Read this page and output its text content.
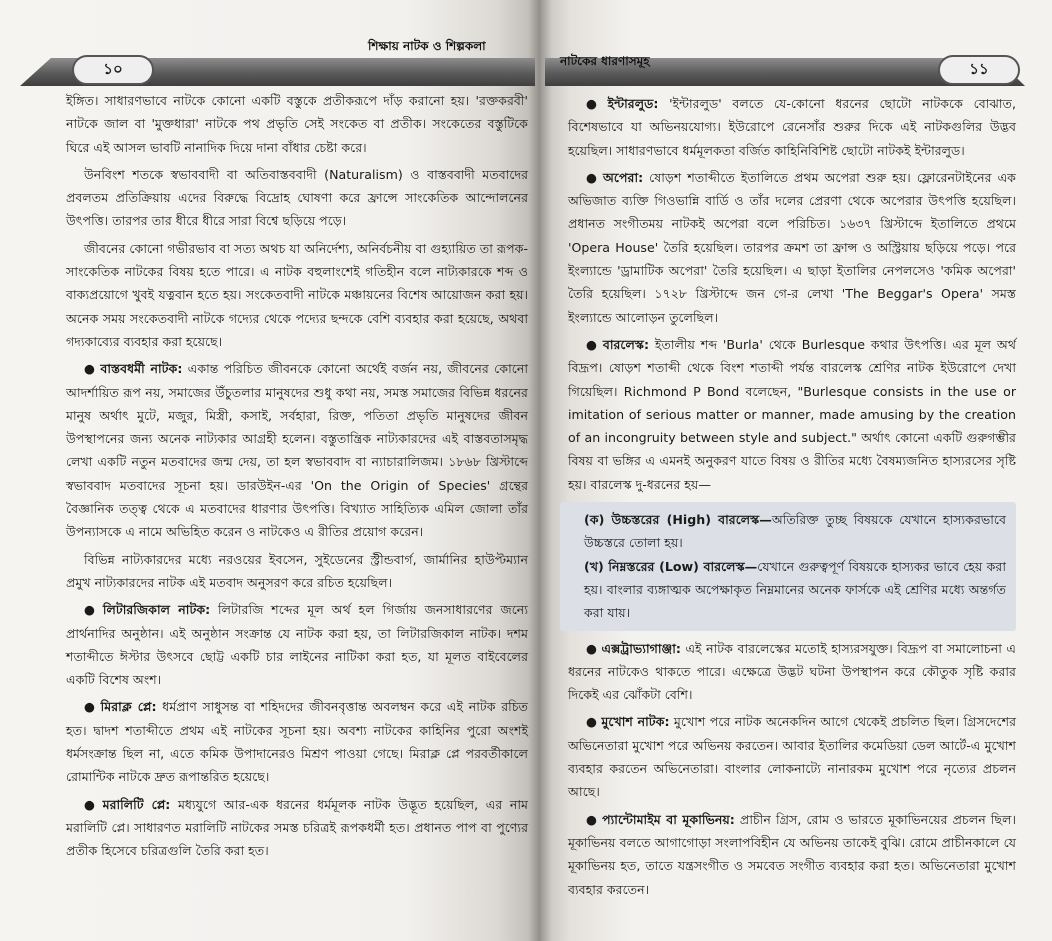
১০	১১
শিক্ষায় নাটক ও শিল্পকলা
নাটকের ধারণাসমূহ

ইঙ্গিত। সাধারণভাবে নাটকে কোনো একটি বস্তুকে প্রতীকরূপে দাঁড় করানো হয়। 'রক্তকরবী' নাটকে জাল বা 'মুক্তধারা' নাটকে পথ প্রভৃতি সেই সংকেত বা প্রতীক। সংকেতের বস্তুটিকে ঘিরে এই আসল ভাবটি নানাদিক দিয়ে দানা বাঁধার চেষ্টা করে।

উনবিংশ শতকে স্বভাববাদী বা অতিবাস্তববাদী (Naturalism) ও বাস্তববাদী মতবাদের প্রবলতম প্রতিক্রিয়ায় এদের বিরুদ্ধে বিদ্রোহ ঘোষণা করে ফ্রান্সে সাংকেতিক আন্দোলনের উৎপত্তি। তারপর তার ধীরে ধীরে সারা বিশ্বে ছড়িয়ে পড়ে।

জীবনের কোনো গভীরভাব বা সত্য অথচ যা অনির্দেশ্য, অনির্বচনীয় বা গুহ্যায়িত তা রূপক-সাংকেতিক নাটকের বিষয় হতে পারে। এ নাটক বহুলাংশেই গতিহীন বলে নাট্যকারকে শব্দ ও বাক্যপ্রয়োগে খুবই যত্নবান হতে হয়। সংকেতবাদী নাটকে মঞ্চায়নের বিশেষ আয়োজন করা হয়। অনেক সময় সংকেতবাদী নাটকে গদ্যের থেকে পদ্যের ছন্দকে বেশি ব্যবহার করা হয়েছে, অথবা গদ্যকাব্যের ব্যবহার করা হয়েছে।

● বাস্তবধর্মী নাটক: একান্ত পরিচিত জীবনকে কোনো অর্থেই বর্জন নয়, জীবনের কোনো আদর্শায়িত রূপ নয়, সমাজের উঁচুতলার মানুষদের শুধু কথা নয়, সমস্ত সমাজের বিভিন্ন ধরনের মানুষ অর্থাৎ মুটে, মজুর, মিস্ত্রী, কসাই, সর্বহারা, রিক্ত, পতিতা প্রভৃতি মানুষদের জীবন উপস্থাপনের জন্য অনেক নাট্যকার আগ্রহী হলেন। বস্তুতান্ত্রিক নাট্যকারদের এই বাস্তবতাসমৃদ্ধ লেখা একটি নতুন মতবাদের জন্ম দেয়, তা হল স্বভাববাদ বা ন্যাচারালিজম। ১৮৬৮ খ্রিস্টাব্দে স্বভাববাদ মতবাদের সূচনা হয়। ডারউইন-এর 'On the Origin of Species' গ্রন্থের বৈজ্ঞানিক তত্ত্ব থেকে এ মতবাদের ধারণার উৎপত্তি। বিখ্যাত সাহিত্যিক এমিল জোলা তাঁর উপন্যাসকে এ নামে অভিহিত করেন ও নাটকেও এ রীতির প্রয়োগ করেন।

বিভিন্ন নাট্যকারদের মধ্যে নরওয়ের ইবসেন, সুইডেনের স্ট্রীন্ডবার্গ, জার্মানির হাউপ্টম্যান প্রমুখ নাট্যকারদের নাটক এই মতবাদ অনুসরণ করে রচিত হয়েছিল।

● লিটারজিকাল নাটক: লিটারজি শব্দের মূল অর্থ হল গির্জায় জনসাধারণের জন্যে প্রার্থনাদির অনুষ্ঠান। এই অনুষ্ঠান সংক্রান্ত যে নাটক করা হয়, তা লিটারজিকাল নাটক। দশম শতাব্দীতে ঈস্টার উৎসবে ছোট্ট একটি চার লাইনের নাটিকা করা হত, যা মূলত বাইবেলের একটি বিশেষ অংশ।

● মিরাক্ল প্লে: ধর্মপ্রাণ সাধুসন্ত বা শহিদদের জীবনবৃত্তান্ত অবলম্বন করে এই নাটক রচিত হত। দ্বাদশ শতাব্দীতে প্রথম এই নাটকের সূচনা হয়। অবশ্য নাটকের কাহিনির পুরো অংশই ধর্মসংক্রান্ত ছিল না, এতে কমিক উপাদানেরও মিশ্রণ পাওয়া গেছে। মিরাক্ল প্লে পরবর্তীকালে রোমান্টিক নাটকে দ্রুত রূপান্তরিত হয়েছে।

● মরালিটি প্লে: মধ্যযুগে আর-এক ধরনের ধর্মমূলক নাটক উদ্ভূত হয়েছিল, এর নাম মরালিটি প্লে। সাধারণত মরালিটি নাটকের সমস্ত চরিত্রই রূপকধর্মী হত। প্রধানত পাপ বা পুণ্যের প্রতীক হিসেবে চরিত্রগুলি তৈরি করা হত।

● ইন্টারলুড: 'ইন্টারলুড' বলতে যে-কোনো ধরনের ছোটো নাটককে বোঝাত, বিশেষভাবে যা অভিনয়যোগ্য। ইউরোপে রেনেসাঁর শুরুর দিকে এই নাটকগুলির উদ্ভব হয়েছিল। সাধারণভাবে ধর্মমূলকতা বর্জিত কাহিনিবিশিষ্ট ছোটো নাটকই ইন্টারলুড।

● অপেরা: ষোড়শ শতাব্দীতে ইতালিতে প্রথম অপেরা শুরু হয়। ফ্লোরেনটাইনের এক অভিজাত ব্যক্তি গিওভান্নি বার্ডি ও তাঁর দলের প্রেরণা থেকে অপেরার উৎপত্তি হয়েছিল। প্রধানত সংগীতময় নাটকই অপেরা বলে পরিচিত। ১৬৩৭ খ্রিস্টাব্দে ইতালিতে প্রথমে 'Opera House' তৈরি হয়েছিল। তারপর ক্রমশ তা ফ্রান্স ও অস্ট্রিয়ায় ছড়িয়ে পড়ে। পরে ইংল্যান্ডে 'ড্রামাটিক অপেরা' তৈরি হয়েছিল। এ ছাড়া ইতালির নেপলসেও 'কমিক অপেরা' তৈরি হয়েছিল। ১৭২৮ খ্রিস্টাব্দে জন গে-র লেখা 'The Beggar's Opera' সমস্ত ইংল্যান্ডে আলোড়ন তুলেছিল।

● বারলেস্ক: ইতালীয় শব্দ 'Burla' থেকে Burlesque কথার উৎপত্তি। এর মূল অর্থ বিদ্রূপ। ষোড়শ শতাব্দী থেকে বিংশ শতাব্দী পর্যন্ত বারলেস্ক শ্রেণির নাটক ইউরোপে দেখা গিয়েছিল। Richmond P Bond বলেছেন, "Burlesque consists in the use or imitation of serious matter or manner, made amusing by the creation of an incongruity between style and subject." অর্থাৎ কোনো একটি গুরুগম্ভীর বিষয় বা ভঙ্গির এ এমনই অনুকরণ যাতে বিষয় ও রীতির মধ্যে বৈষম্যজনিত হাস্যরসের সৃষ্টি হয়। বারলেস্ক দু-ধরনের হয়—

(ক) উচ্চস্তরের (High) বারলেস্ক—অতিরিক্ত তুচ্ছ বিষয়কে যেখানে হাস্যকরভাবে উচ্চস্তরে তোলা হয়।

(খ) নিম্নস্তরের (Low) বারলেস্ক—যেখানে গুরুত্বপূর্ণ বিষয়কে হাস্যকর ভাবে হেয় করা হয়। বাংলার ব্যঙ্গাত্মক অপেক্ষাকৃত নিম্নমানের অনেক ফার্সকে এই শ্রেণির মধ্যে অন্তর্গত করা যায়।

● এক্সট্রাভ্যাগাঞ্জা: এই নাটক বারলেস্কের মতোই হাস্যরসযুক্ত। বিদ্রূপ বা সমালোচনা এ ধরনের নাটকেও থাকতে পারে। এক্ষেত্রে উদ্ভট ঘটনা উপস্থাপন করে কৌতুক সৃষ্টি করার দিকেই এর ঝোঁকটা বেশি।

● মুখোশ নাটক: মুখোশ পরে নাটক অনেকদিন আগে থেকেই প্রচলিত ছিল। গ্রিসদেশের অভিনেতারা মুখোশ পরে অভিনয় করতেন। আবার ইতালির কমেডিয়া ডেল আর্টে-এ মুখোশ ব্যবহার করতেন অভিনেতারা। বাংলার লোকনাট্যে নানারকম মুখোশ পরে নৃত্যের প্রচলন আছে।

● প্যান্টোমাইম বা মূকাভিনয়: প্রাচীন গ্রিস, রোম ও ভারতে মূকাভিনয়ের প্রচলন ছিল। মূকাভিনয় বলতে আগাগোড়া সংলাপবিহীন যে অভিনয় তাকেই বুঝি। রোমে প্রাচীনকালে যে মূকাভিনয় হত, তাতে যন্ত্রসংগীত ও সমবেত সংগীত ব্যবহার করা হত। অভিনেতারা মুখোশ ব্যবহার করতেন।
